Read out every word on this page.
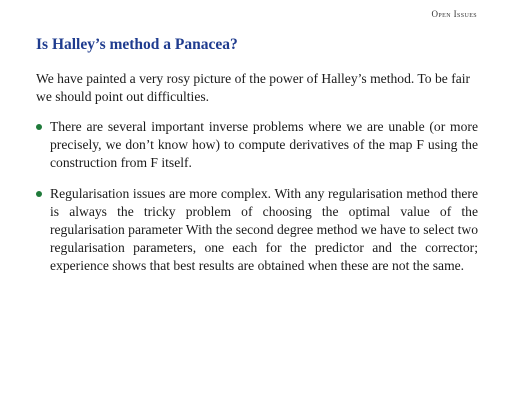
Open Issues
Is Halley’s method a Panacea?

We have painted a very rosy picture of the power of Halley’s method. To be fair we should point out difficulties.

There are several important inverse problems where we are unable (or more precisely, we don’t know how) to compute derivatives of the map F using the construction from F itself.
Regularisation issues are more complex. With any regularisation method there is always the tricky problem of choosing the optimal value of the regularisation parameter With the second degree method we have to select two regularisation parameters, one each for the predictor and the corrector; experience shows that best results are obtained when these are not the same.
